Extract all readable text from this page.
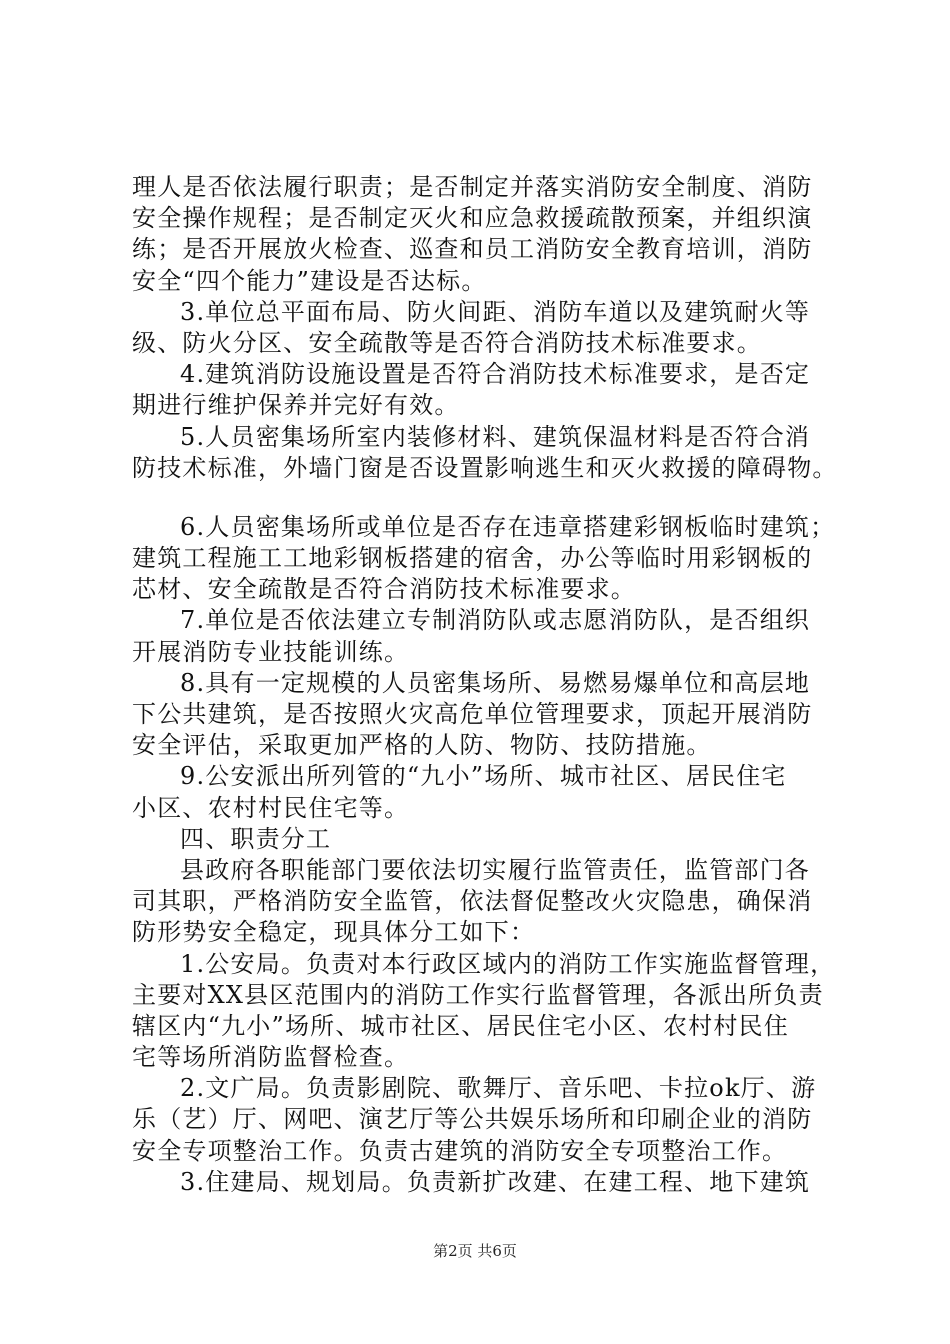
理人是否依法履行职责；是否制定并落实消防安全制度、消防
安全操作规程；是否制定灭火和应急救援疏散预案，并组织演
练；是否开展放火检查、巡查和员工消防安全教育培训，消防
安全“四个能力”建设是否达标。
3.单位总平面布局、防火间距、消防车道以及建筑耐火等
级、防火分区、安全疏散等是否符合消防技术标准要求。
4.建筑消防设施设置是否符合消防技术标准要求，是否定
期进行维护保养并完好有效。
5.人员密集场所室内装修材料、建筑保温材料是否符合消
防技术标准，外墙门窗是否设置影响逃生和灭火救援的障碍物。
6.人员密集场所或单位是否存在违章搭建彩钢板临时建筑；
建筑工程施工工地彩钢板搭建的宿舍，办公等临时用彩钢板的
芯材、安全疏散是否符合消防技术标准要求。
7.单位是否依法建立专制消防队或志愿消防队，是否组织
开展消防专业技能训练。
8.具有一定规模的人员密集场所、易燃易爆单位和高层地
下公共建筑，是否按照火灾高危单位管理要求，顶起开展消防
安全评估，采取更加严格的人防、物防、技防措施。
9.公安派出所列管的“九小”场所、城市社区、居民住宅
小区、农村村民住宅等。
四、职责分工
县政府各职能部门要依法切实履行监管责任，监管部门各
司其职，严格消防安全监管，依法督促整改火灾隐患，确保消
防形势安全稳定，现具体分工如下：
1.公安局。负责对本行政区域内的消防工作实施监督管理，
主要对XX县区范围内的消防工作实行监督管理，各派出所负责
辖区内“九小”场所、城市社区、居民住宅小区、农村村民住
宅等场所消防监督检查。
2.文广局。负责影剧院、歌舞厅、音乐吧、卡拉ok厅、游
乐（艺）厅、网吧、演艺厅等公共娱乐场所和印刷企业的消防
安全专项整治工作。负责古建筑的消防安全专项整治工作。
3.住建局、规划局。负责新扩改建、在建工程、地下建筑
第2页 共6页
